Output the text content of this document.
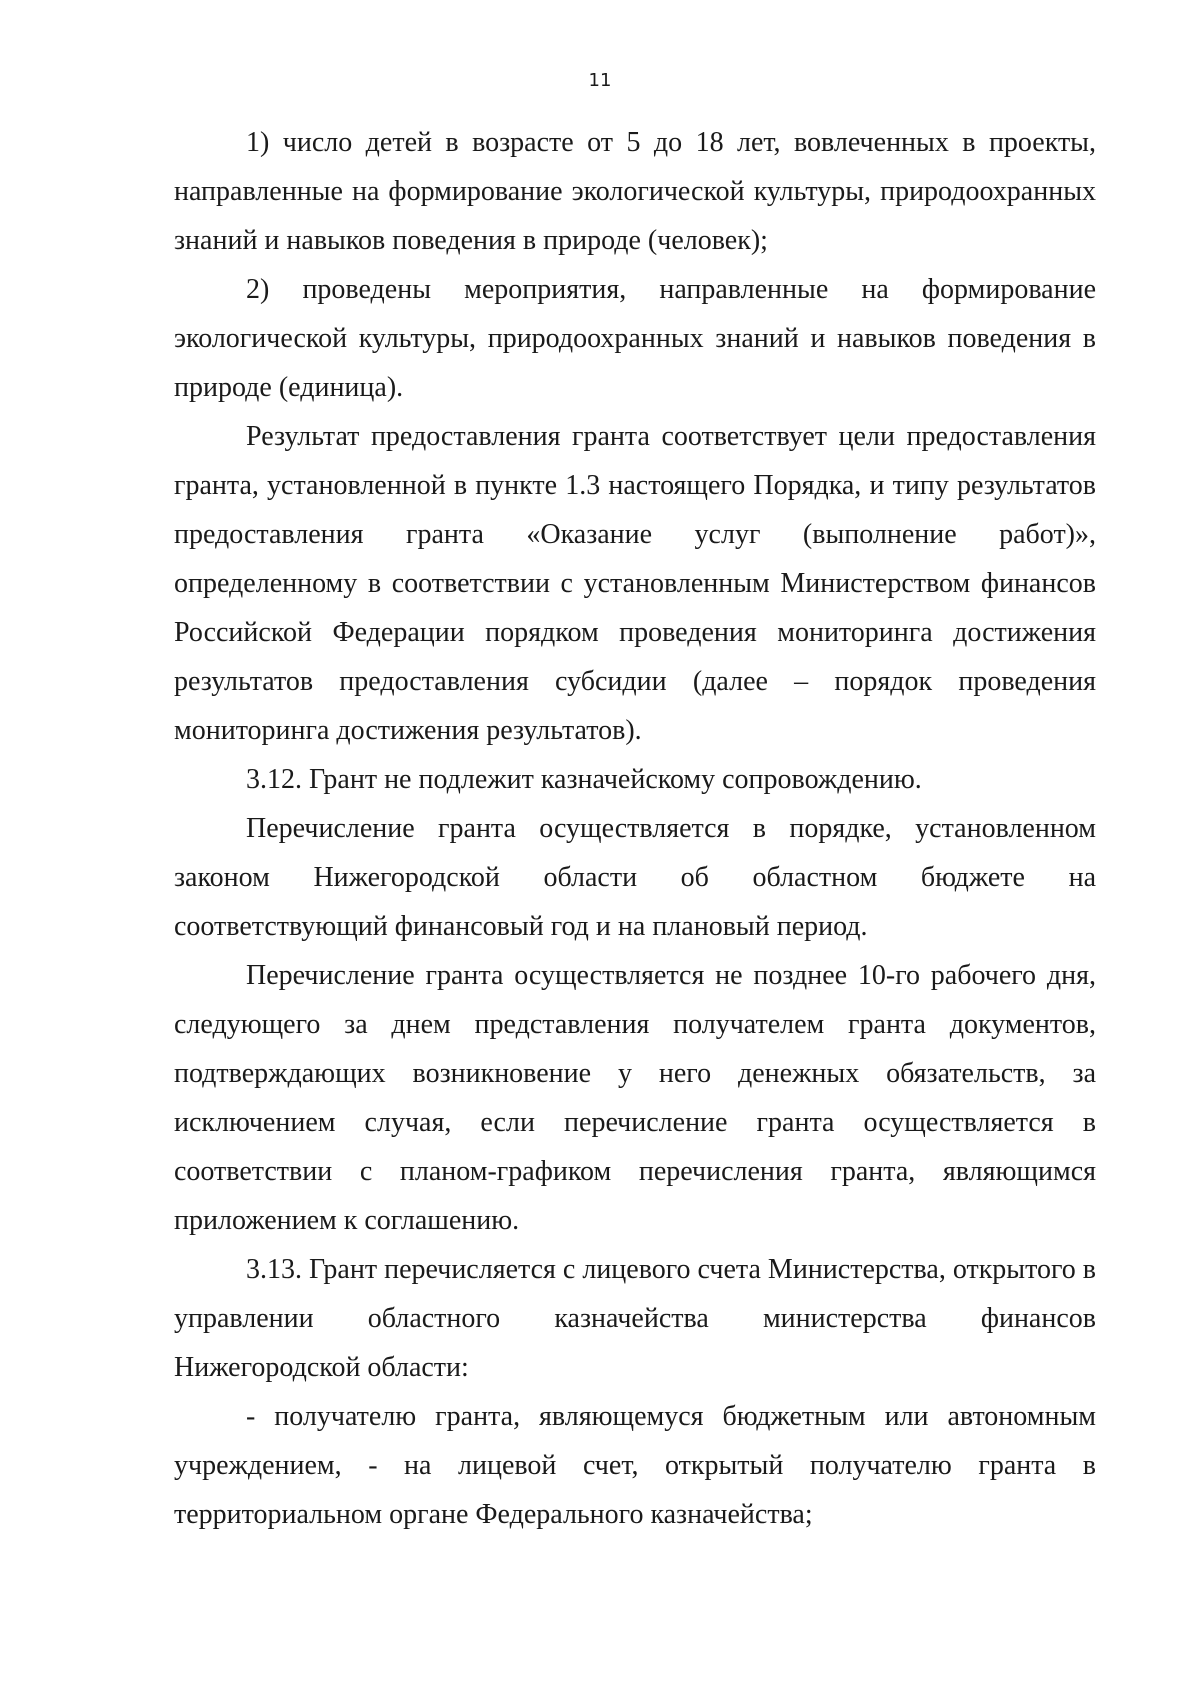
11

1) число детей в возрасте от 5 до 18 лет, вовлеченных в проекты, направленные на формирование экологической культуры, природоохранных знаний и навыков поведения в природе (человек);

2) проведены мероприятия, направленные на формирование экологической культуры, природоохранных знаний и навыков поведения в природе (единица).

Результат предоставления гранта соответствует цели предоставления гранта, установленной в пункте 1.3 настоящего Порядка, и типу результатов предоставления гранта «Оказание услуг (выполнение работ)», определенному в соответствии с установленным Министерством финансов Российской Федерации порядком проведения мониторинга достижения результатов предоставления субсидии (далее – порядок проведения мониторинга достижения результатов).

3.12. Грант не подлежит казначейскому сопровождению.

Перечисление гранта осуществляется в порядке, установленном законом Нижегородской области об областном бюджете на соответствующий финансовый год и на плановый период.

Перечисление гранта осуществляется не позднее 10-го рабочего дня, следующего за днем представления получателем гранта документов, подтверждающих возникновение у него денежных обязательств, за исключением случая, если перечисление гранта осуществляется в соответствии с планом-графиком перечисления гранта, являющимся приложением к соглашению.

3.13. Грант перечисляется с лицевого счета Министерства, открытого в управлении областного казначейства министерства финансов Нижегородской области:

- получателю гранта, являющемуся бюджетным или автономным учреждением, - на лицевой счет, открытый получателю гранта в территориальном органе Федерального казначейства;
